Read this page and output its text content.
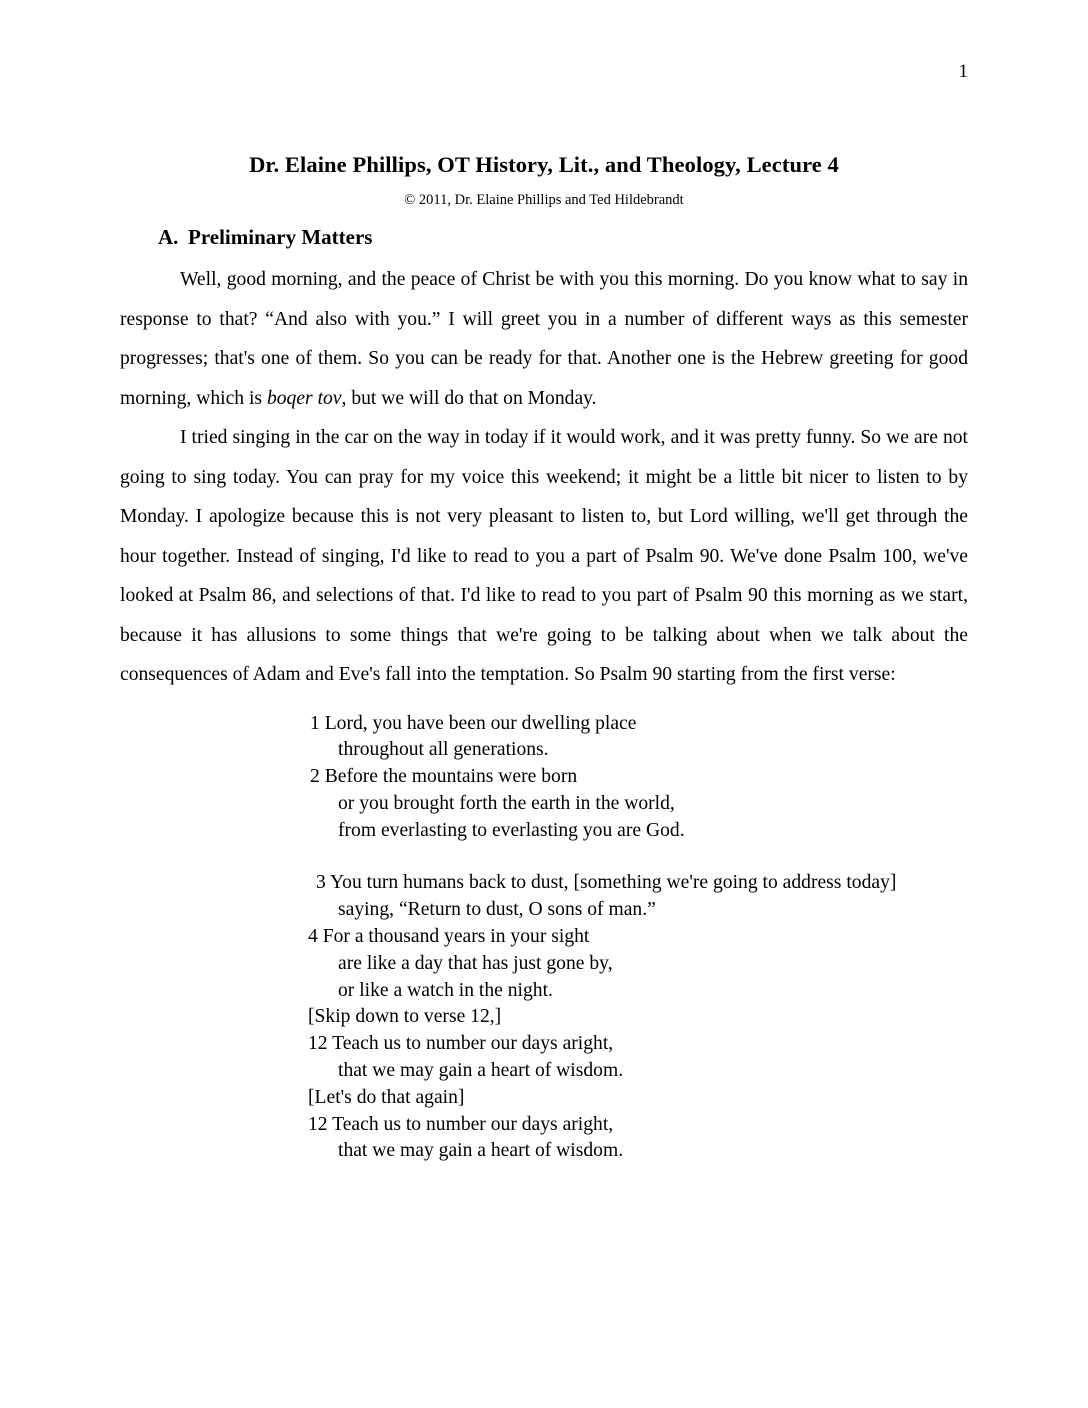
1
Dr. Elaine Phillips, OT History, Lit., and Theology, Lecture 4
© 2011, Dr. Elaine Phillips and Ted Hildebrandt
A. Preliminary Matters

Well, good morning, and the peace of Christ be with you this morning. Do you know what to say in response to that? “And also with you.” I will greet you in a number of different ways as this semester progresses; that's one of them. So you can be ready for that. Another one is the Hebrew greeting for good morning, which is boqer tov, but we will do that on Monday.

I tried singing in the car on the way in today if it would work, and it was pretty funny. So we are not going to sing today. You can pray for my voice this weekend; it might be a little bit nicer to listen to by Monday. I apologize because this is not very pleasant to listen to, but Lord willing, we'll get through the hour together. Instead of singing, I'd like to read to you a part of Psalm 90. We've done Psalm 100, we've looked at Psalm 86, and selections of that. I'd like to read to you part of Psalm 90 this morning as we start, because it has allusions to some things that we're going to be talking about when we talk about the consequences of Adam and Eve's fall into the temptation. So Psalm 90 starting from the first verse:

1 Lord, you have been our dwelling place
throughout all generations.
2 Before the mountains were born
or you brought forth the earth in the world,
from everlasting to everlasting you are God.
3 You turn humans back to dust, [something we're going to address today]
saying, “Return to dust, O sons of man.”
4 For a thousand years in your sight
are like a day that has just gone by,
or like a watch in the night.
[Skip down to verse 12,]
12 Teach us to number our days aright,
that we may gain a heart of wisdom.
[Let's do that again]
12 Teach us to number our days aright,
that we may gain a heart of wisdom.
